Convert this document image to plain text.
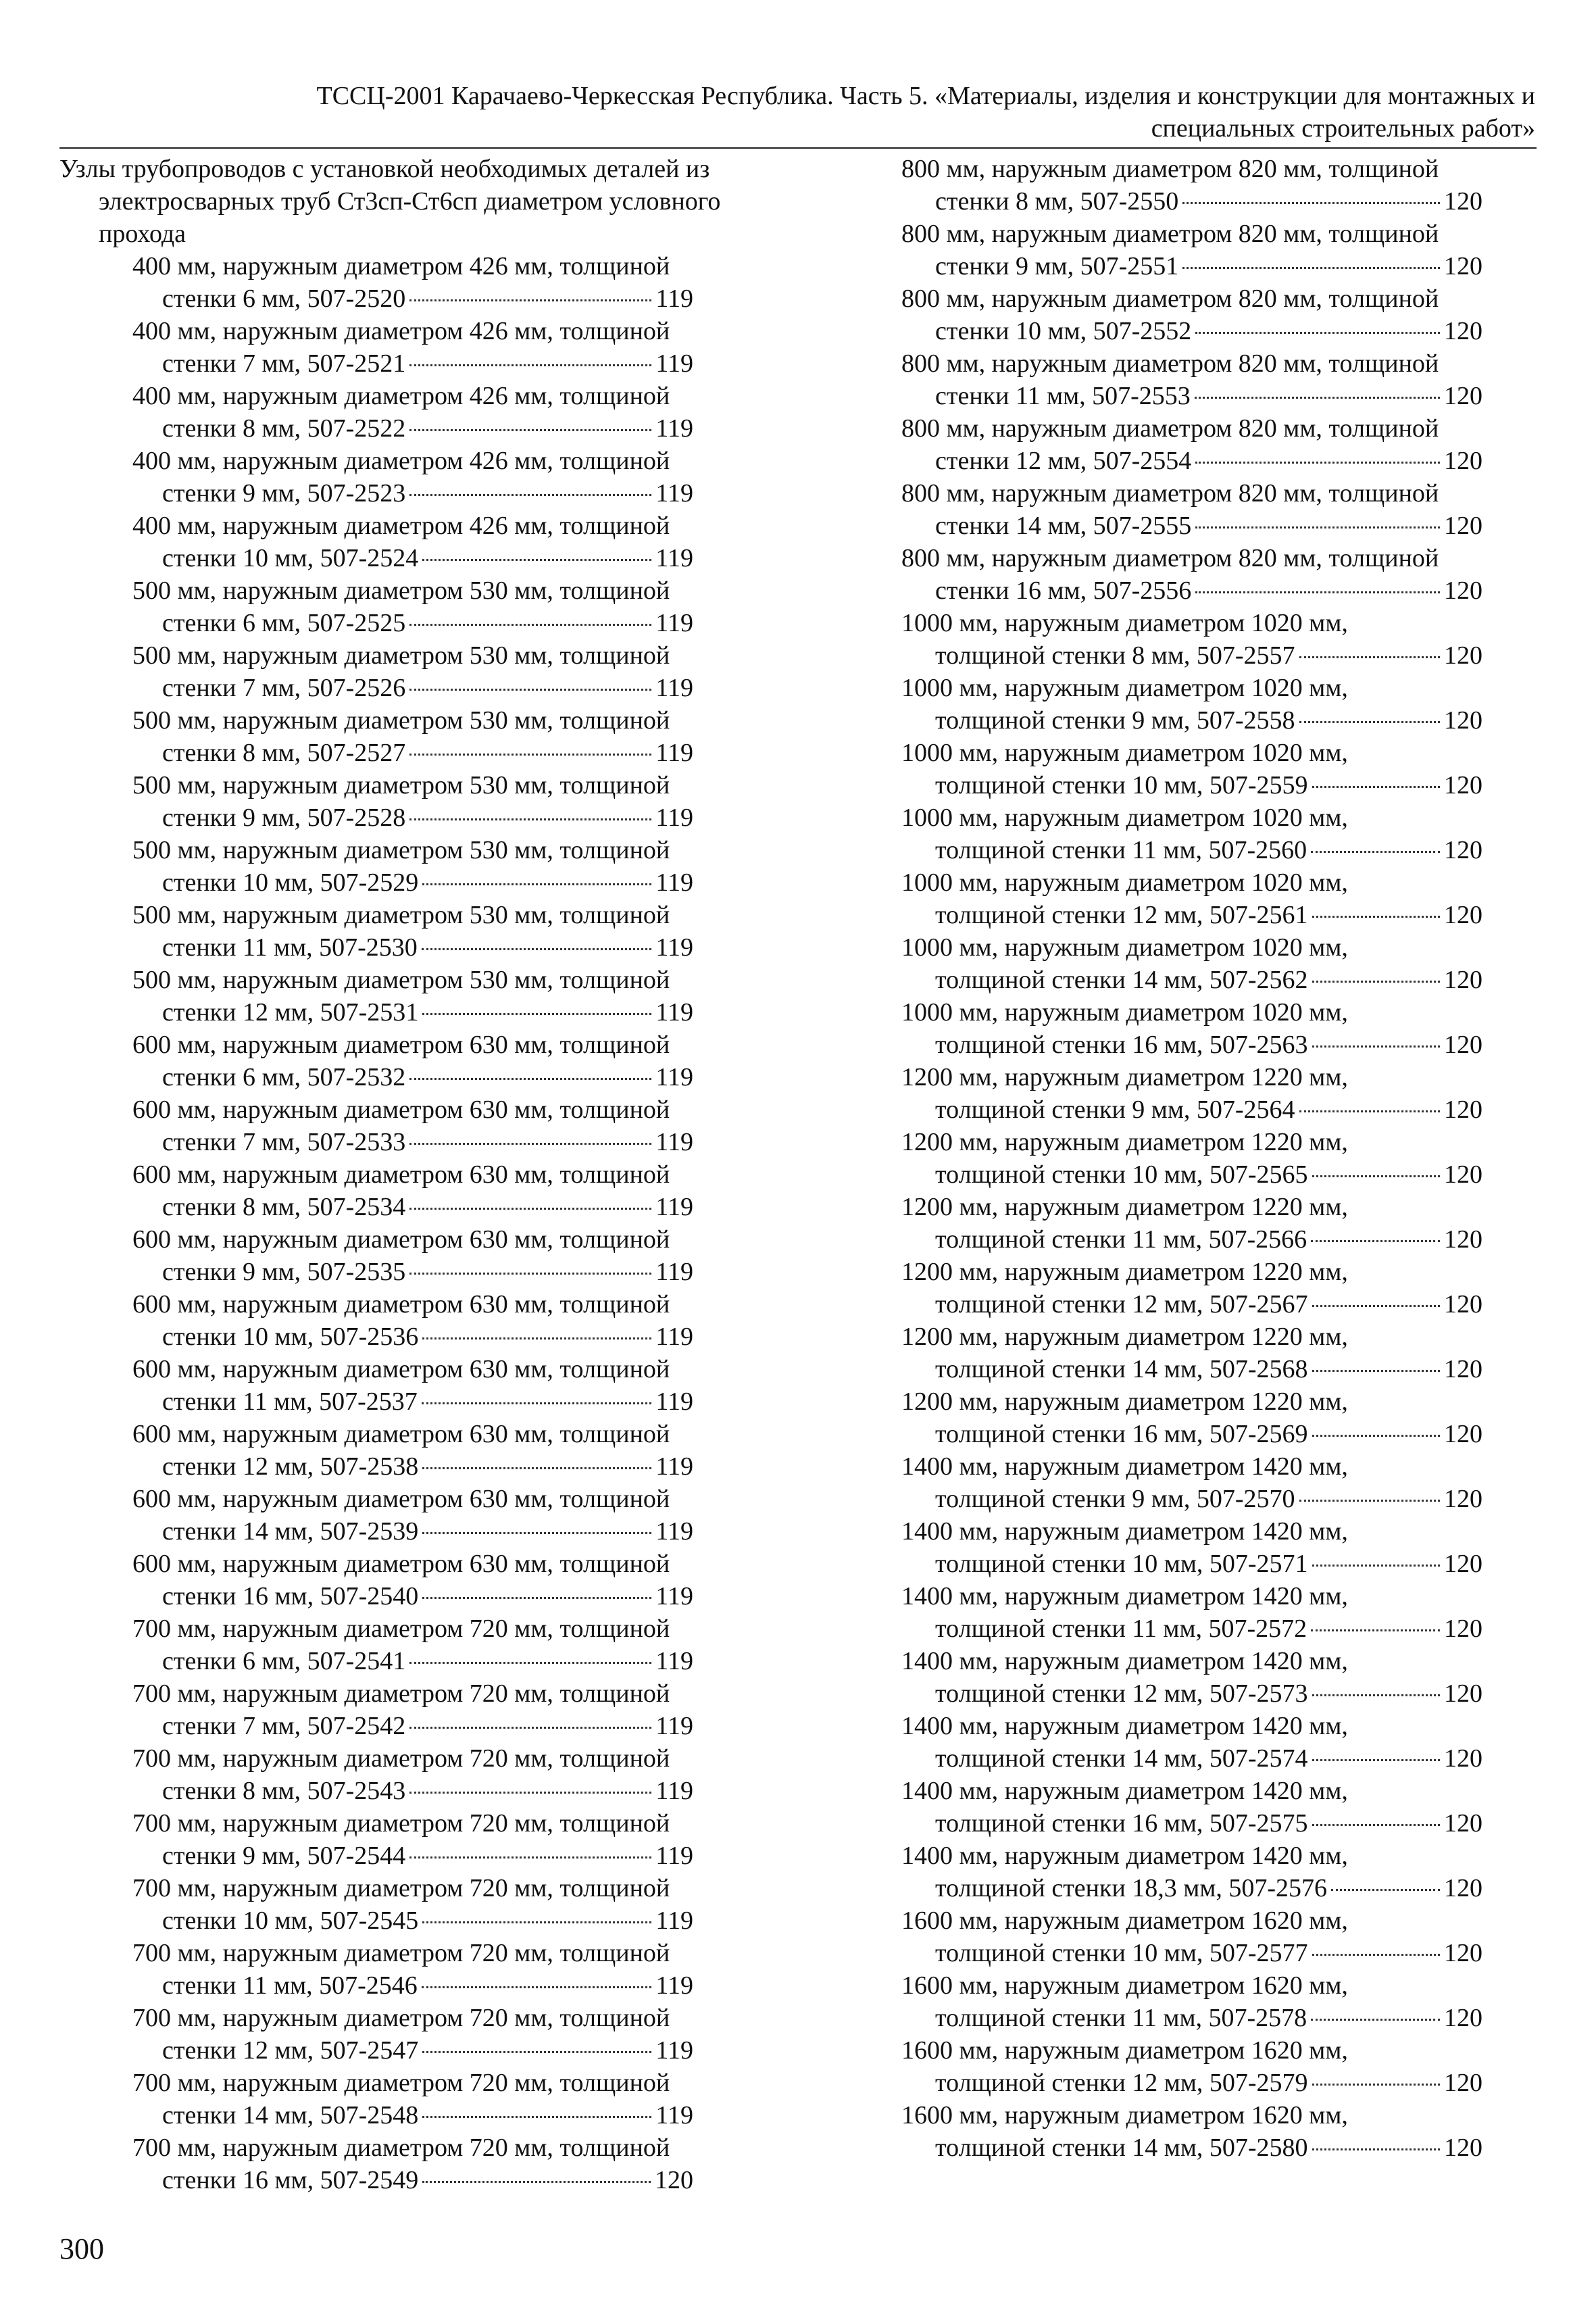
ТССЦ-2001 Карачаево-Черкесская Республика. Часть 5. «Материалы, изделия и конструкции для монтажных и
специальных строительных работ»
Узлы трубопроводов с установкой необходимых деталей из электросварных труб Ст3сп-Ст6сп диаметром условного прохода
400 мм, наружным диаметром 426 мм, толщиной
стенки 6 мм, 507-2520	119
400 мм, наружным диаметром 426 мм, толщиной
стенки 7 мм, 507-2521	119
400 мм, наружным диаметром 426 мм, толщиной
стенки 8 мм, 507-2522	119
400 мм, наружным диаметром 426 мм, толщиной
стенки 9 мм, 507-2523	119
400 мм, наружным диаметром 426 мм, толщиной
стенки 10 мм, 507-2524	119
500 мм, наружным диаметром 530 мм, толщиной
стенки 6 мм, 507-2525	119
500 мм, наружным диаметром 530 мм, толщиной
стенки 7 мм, 507-2526	119
500 мм, наружным диаметром 530 мм, толщиной
стенки 8 мм, 507-2527	119
500 мм, наружным диаметром 530 мм, толщиной
стенки 9 мм, 507-2528	119
500 мм, наружным диаметром 530 мм, толщиной
стенки 10 мм, 507-2529	119
500 мм, наружным диаметром 530 мм, толщиной
стенки 11 мм, 507-2530	119
500 мм, наружным диаметром 530 мм, толщиной
стенки 12 мм, 507-2531	119
600 мм, наружным диаметром 630 мм, толщиной
стенки 6 мм, 507-2532	119
600 мм, наружным диаметром 630 мм, толщиной
стенки 7 мм, 507-2533	119
600 мм, наружным диаметром 630 мм, толщиной
стенки 8 мм, 507-2534	119
600 мм, наружным диаметром 630 мм, толщиной
стенки 9 мм, 507-2535	119
600 мм, наружным диаметром 630 мм, толщиной
стенки 10 мм, 507-2536	119
600 мм, наружным диаметром 630 мм, толщиной
стенки 11 мм, 507-2537	119
600 мм, наружным диаметром 630 мм, толщиной
стенки 12 мм, 507-2538	119
600 мм, наружным диаметром 630 мм, толщиной
стенки 14 мм, 507-2539	119
600 мм, наружным диаметром 630 мм, толщиной
стенки 16 мм, 507-2540	119
700 мм, наружным диаметром 720 мм, толщиной
стенки 6 мм, 507-2541	119
700 мм, наружным диаметром 720 мм, толщиной
стенки 7 мм, 507-2542	119
700 мм, наружным диаметром 720 мм, толщиной
стенки 8 мм, 507-2543	119
700 мм, наружным диаметром 720 мм, толщиной
стенки 9 мм, 507-2544	119
700 мм, наружным диаметром 720 мм, толщиной
стенки 10 мм, 507-2545	119
700 мм, наружным диаметром 720 мм, толщиной
стенки 11 мм, 507-2546	119
700 мм, наружным диаметром 720 мм, толщиной
стенки 12 мм, 507-2547	119
700 мм, наружным диаметром 720 мм, толщиной
стенки 14 мм, 507-2548	119
700 мм, наружным диаметром 720 мм, толщиной
стенки 16 мм, 507-2549	120
800 мм, наружным диаметром 820 мм, толщиной
стенки 8 мм, 507-2550	120
800 мм, наружным диаметром 820 мм, толщиной
стенки 9 мм, 507-2551	120
800 мм, наружным диаметром 820 мм, толщиной
стенки 10 мм, 507-2552	120
800 мм, наружным диаметром 820 мм, толщиной
стенки 11 мм, 507-2553	120
800 мм, наружным диаметром 820 мм, толщиной
стенки 12 мм, 507-2554	120
800 мм, наружным диаметром 820 мм, толщиной
стенки 14 мм, 507-2555	120
800 мм, наружным диаметром 820 мм, толщиной
стенки 16 мм, 507-2556	120
1000 мм, наружным диаметром 1020 мм,
толщиной стенки 8 мм, 507-2557	120
1000 мм, наружным диаметром 1020 мм,
толщиной стенки 9 мм, 507-2558	120
1000 мм, наружным диаметром 1020 мм,
толщиной стенки 10 мм, 507-2559	120
1000 мм, наружным диаметром 1020 мм,
толщиной стенки 11 мм, 507-2560	120
1000 мм, наружным диаметром 1020 мм,
толщиной стенки 12 мм, 507-2561	120
1000 мм, наружным диаметром 1020 мм,
толщиной стенки 14 мм, 507-2562	120
1000 мм, наружным диаметром 1020 мм,
толщиной стенки 16 мм, 507-2563	120
1200 мм, наружным диаметром 1220 мм,
толщиной стенки 9 мм, 507-2564	120
1200 мм, наружным диаметром 1220 мм,
толщиной стенки 10 мм, 507-2565	120
1200 мм, наружным диаметром 1220 мм,
толщиной стенки 11 мм, 507-2566	120
1200 мм, наружным диаметром 1220 мм,
толщиной стенки 12 мм, 507-2567	120
1200 мм, наружным диаметром 1220 мм,
толщиной стенки 14 мм, 507-2568	120
1200 мм, наружным диаметром 1220 мм,
толщиной стенки 16 мм, 507-2569	120
1400 мм, наружным диаметром 1420 мм,
толщиной стенки 9 мм, 507-2570	120
1400 мм, наружным диаметром 1420 мм,
толщиной стенки 10 мм, 507-2571	120
1400 мм, наружным диаметром 1420 мм,
толщиной стенки 11 мм, 507-2572	120
1400 мм, наружным диаметром 1420 мм,
толщиной стенки 12 мм, 507-2573	120
1400 мм, наружным диаметром 1420 мм,
толщиной стенки 14 мм, 507-2574	120
1400 мм, наружным диаметром 1420 мм,
толщиной стенки 16 мм, 507-2575	120
1400 мм, наружным диаметром 1420 мм,
толщиной стенки 18,3 мм, 507-2576	120
1600 мм, наружным диаметром 1620 мм,
толщиной стенки 10 мм, 507-2577	120
1600 мм, наружным диаметром 1620 мм,
толщиной стенки 11 мм, 507-2578	120
1600 мм, наружным диаметром 1620 мм,
толщиной стенки 12 мм, 507-2579	120
1600 мм, наружным диаметром 1620 мм,
толщиной стенки 14 мм, 507-2580	120
300
